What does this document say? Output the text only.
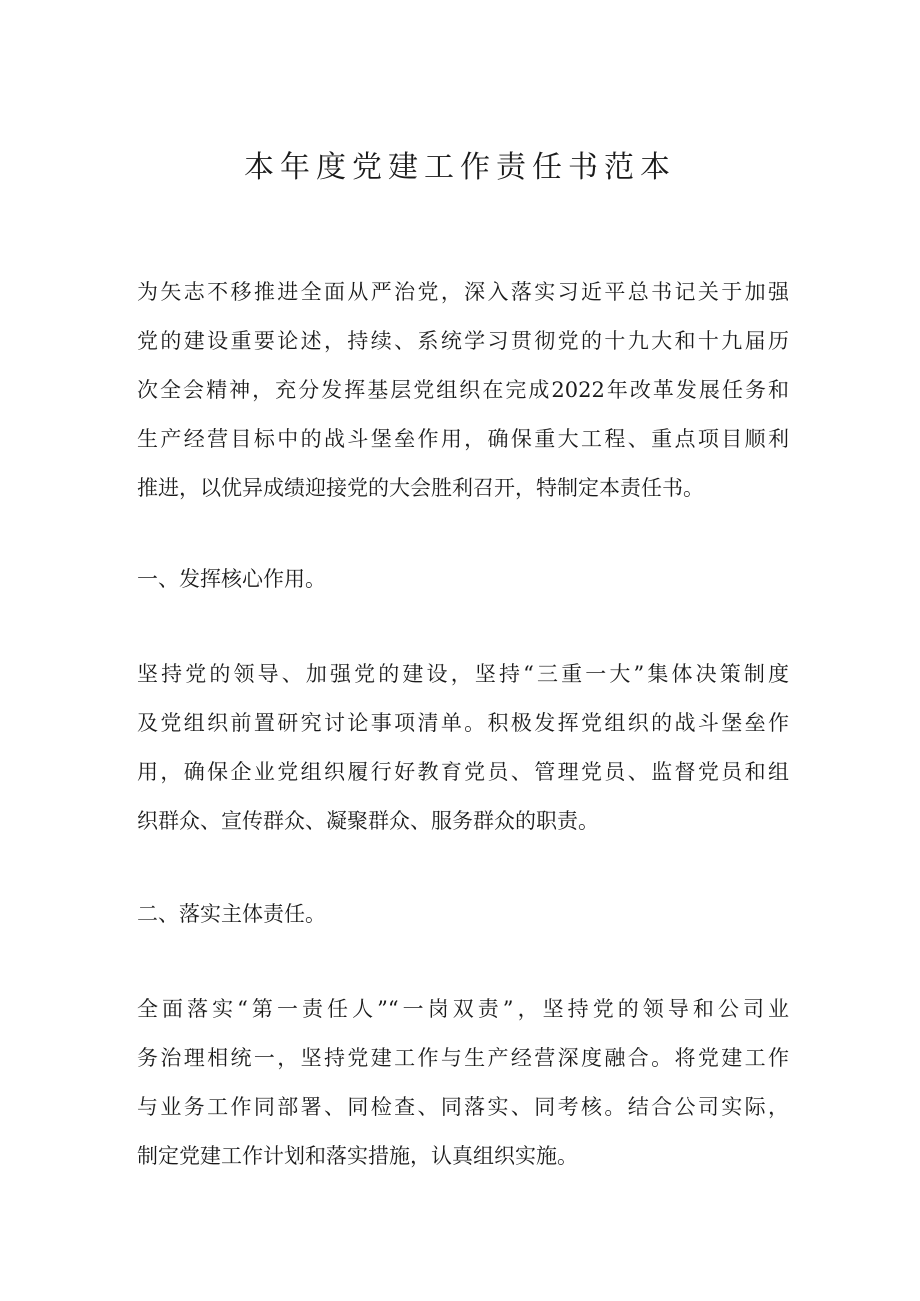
本年度党建工作责任书范本
为矢志不移推进全面从严治党，深入落实习近平总书记关于加强
党的建设重要论述，持续、系统学习贯彻党的十九大和十九届历
次全会精神，充分发挥基层党组织在完成2022年改革发展任务和
生产经营目标中的战斗堡垒作用，确保重大工程、重点项目顺利
推进，以优异成绩迎接党的大会胜利召开，特制定本责任书。
一、发挥核心作用。
坚持党的领导、加强党的建设，坚持“三重一大”集体决策制度
及党组织前置研究讨论事项清单。积极发挥党组织的战斗堡垒作
用，确保企业党组织履行好教育党员、管理党员、监督党员和组
织群众、宣传群众、凝聚群众、服务群众的职责。
二、落实主体责任。
全面落实“第一责任人”“一岗双责”，坚持党的领导和公司业
务治理相统一，坚持党建工作与生产经营深度融合。将党建工作
与业务工作同部署、同检查、同落实、同考核。结合公司实际，
制定党建工作计划和落实措施，认真组织实施。
